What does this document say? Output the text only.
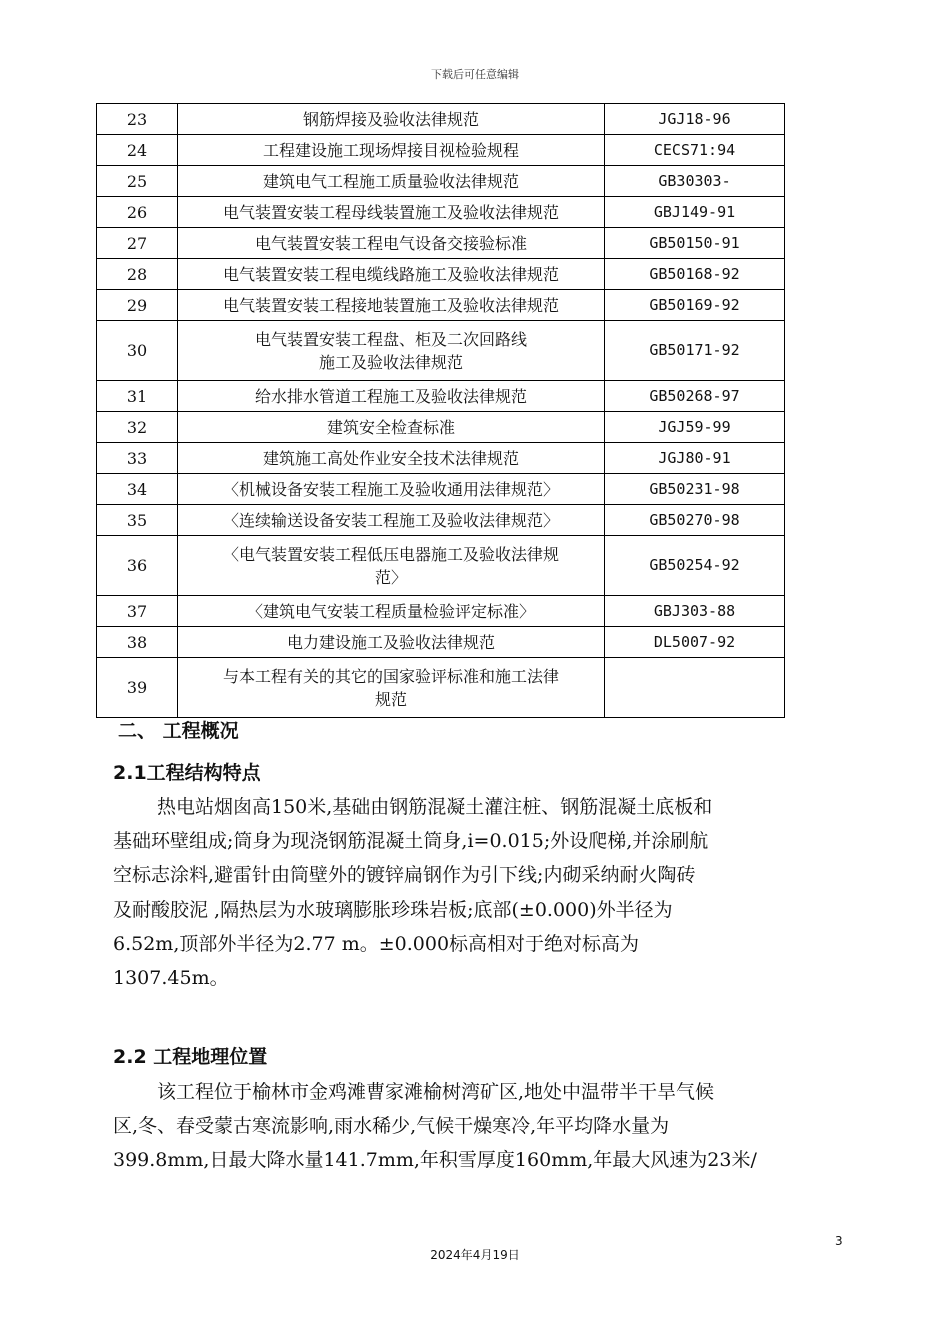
下载后可任意编辑
23	钢筋焊接及验收法律规范	JGJ18-96
24	工程建设施工现场焊接目视检验规程	CECS71:94
25	建筑电气工程施工质量验收法律规范	GB30303-
26	电气装置安装工程母线装置施工及验收法律规范	GBJ149-91
27	电气装置安装工程电气设备交接验标准	GB50150-91
28	电气装置安装工程电缆线路施工及验收法律规范	GB50168-92
29	电气装置安装工程接地装置施工及验收法律规范	GB50169-92
30	电气装置安装工程盘、柜及二次回路线
施工及验收法律规范	GB50171-92
31	给水排水管道工程施工及验收法律规范	GB50268-97
32	建筑安全检查标准	JGJ59-99
33	建筑施工高处作业安全技术法律规范	JGJ80-91
34	〈机械设备安装工程施工及验收通用法律规范〉	GB50231-98
35	〈连续输送设备安装工程施工及验收法律规范〉	GB50270-98
36	〈电气装置安装工程低压电器施工及验收法律规
范〉	GB50254-92
37	〈建筑电气安装工程质量检验评定标准〉	GBJ303-88
38	电力建设施工及验收法律规范	DL5007-92
39	与本工程有关的其它的国家验评标准和施工法律
规范	

二、 工程概况
2.1工程结构特点
热电站烟囱高150米,基础由钢筋混凝土灌注桩、钢筋混凝土底板和
基础环壁组成;筒身为现浇钢筋混凝土筒身,i=0.015;外设爬梯,并涂刷航
空标志涂料,避雷针由筒壁外的镀锌扁钢作为引下线;内砌采纳耐火陶砖
及耐酸胶泥 ,隔热层为水玻璃膨胀珍珠岩板;底部(±0.000)外半径为
6.52m,顶部外半径为2.77 m。±0.000标高相对于绝对标高为
1307.45m。
2.2 工程地理位置
该工程位于榆林市金鸡滩曹家滩榆树湾矿区,地处中温带半干旱气候
区,冬、春受蒙古寒流影响,雨水稀少,气候干燥寒冷,年平均降水量为
399.8mm,日最大降水量141.7mm,年积雪厚度160mm,年最大风速为23米/
3
2024年4月19日
